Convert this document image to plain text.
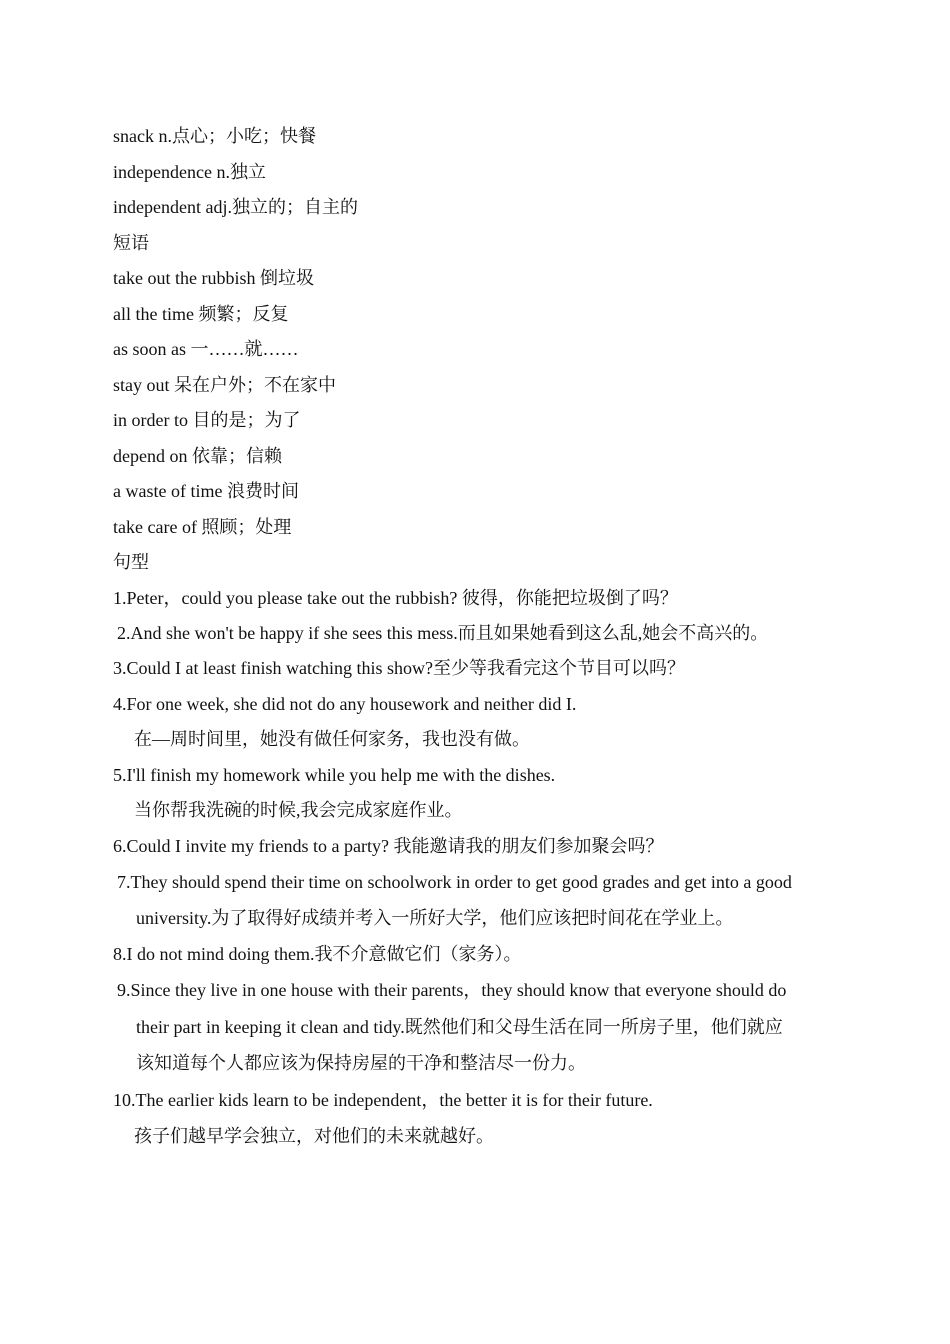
snack n.点心；小吃；快餐
independence n.独立
independent adj.独立的；自主的
短语
take out the rubbish 倒垃圾
all the time 频繁；反复
as soon as 一……就……
stay out 呆在户外；不在家中
in order to 目的是；为了
depend on 依靠；信赖
a waste of time 浪费时间
take care of 照顾；处理
句型
1.Peter，could you please take out the rubbish? 彼得，你能把垃圾倒了吗？
2.And she won't be happy if she sees this mess.而且如果她看到这么乱,她会不高兴的。
3.Could I at least finish watching this show?至少等我看完这个节目可以吗？
4.For one week, she did not do any housework and neither did I.
在—周时间里，她没有做任何家务，我也没有做。
5.I'll finish my homework while you help me with the dishes.
当你帮我洗碗的时候,我会完成家庭作业。
6.Could I invite my friends to a party? 我能邀请我的朋友们参加聚会吗？
7.They should spend their time on schoolwork in order to get good grades and get into a good
university.为了取得好成绩并考入一所好大学，他们应该把时间花在学业上。
8.I do not mind doing them.我不介意做它们（家务）。
9.Since they live in one house with their parents，they should know that everyone should do
their part in keeping it clean and tidy.既然他们和父母生活在同一所房子里，他们就应
该知道每个人都应该为保持房屋的干净和整洁尽一份力。
10.The earlier kids learn to be independent，the better it is for their future.
孩子们越早学会独立，对他们的未来就越好。
